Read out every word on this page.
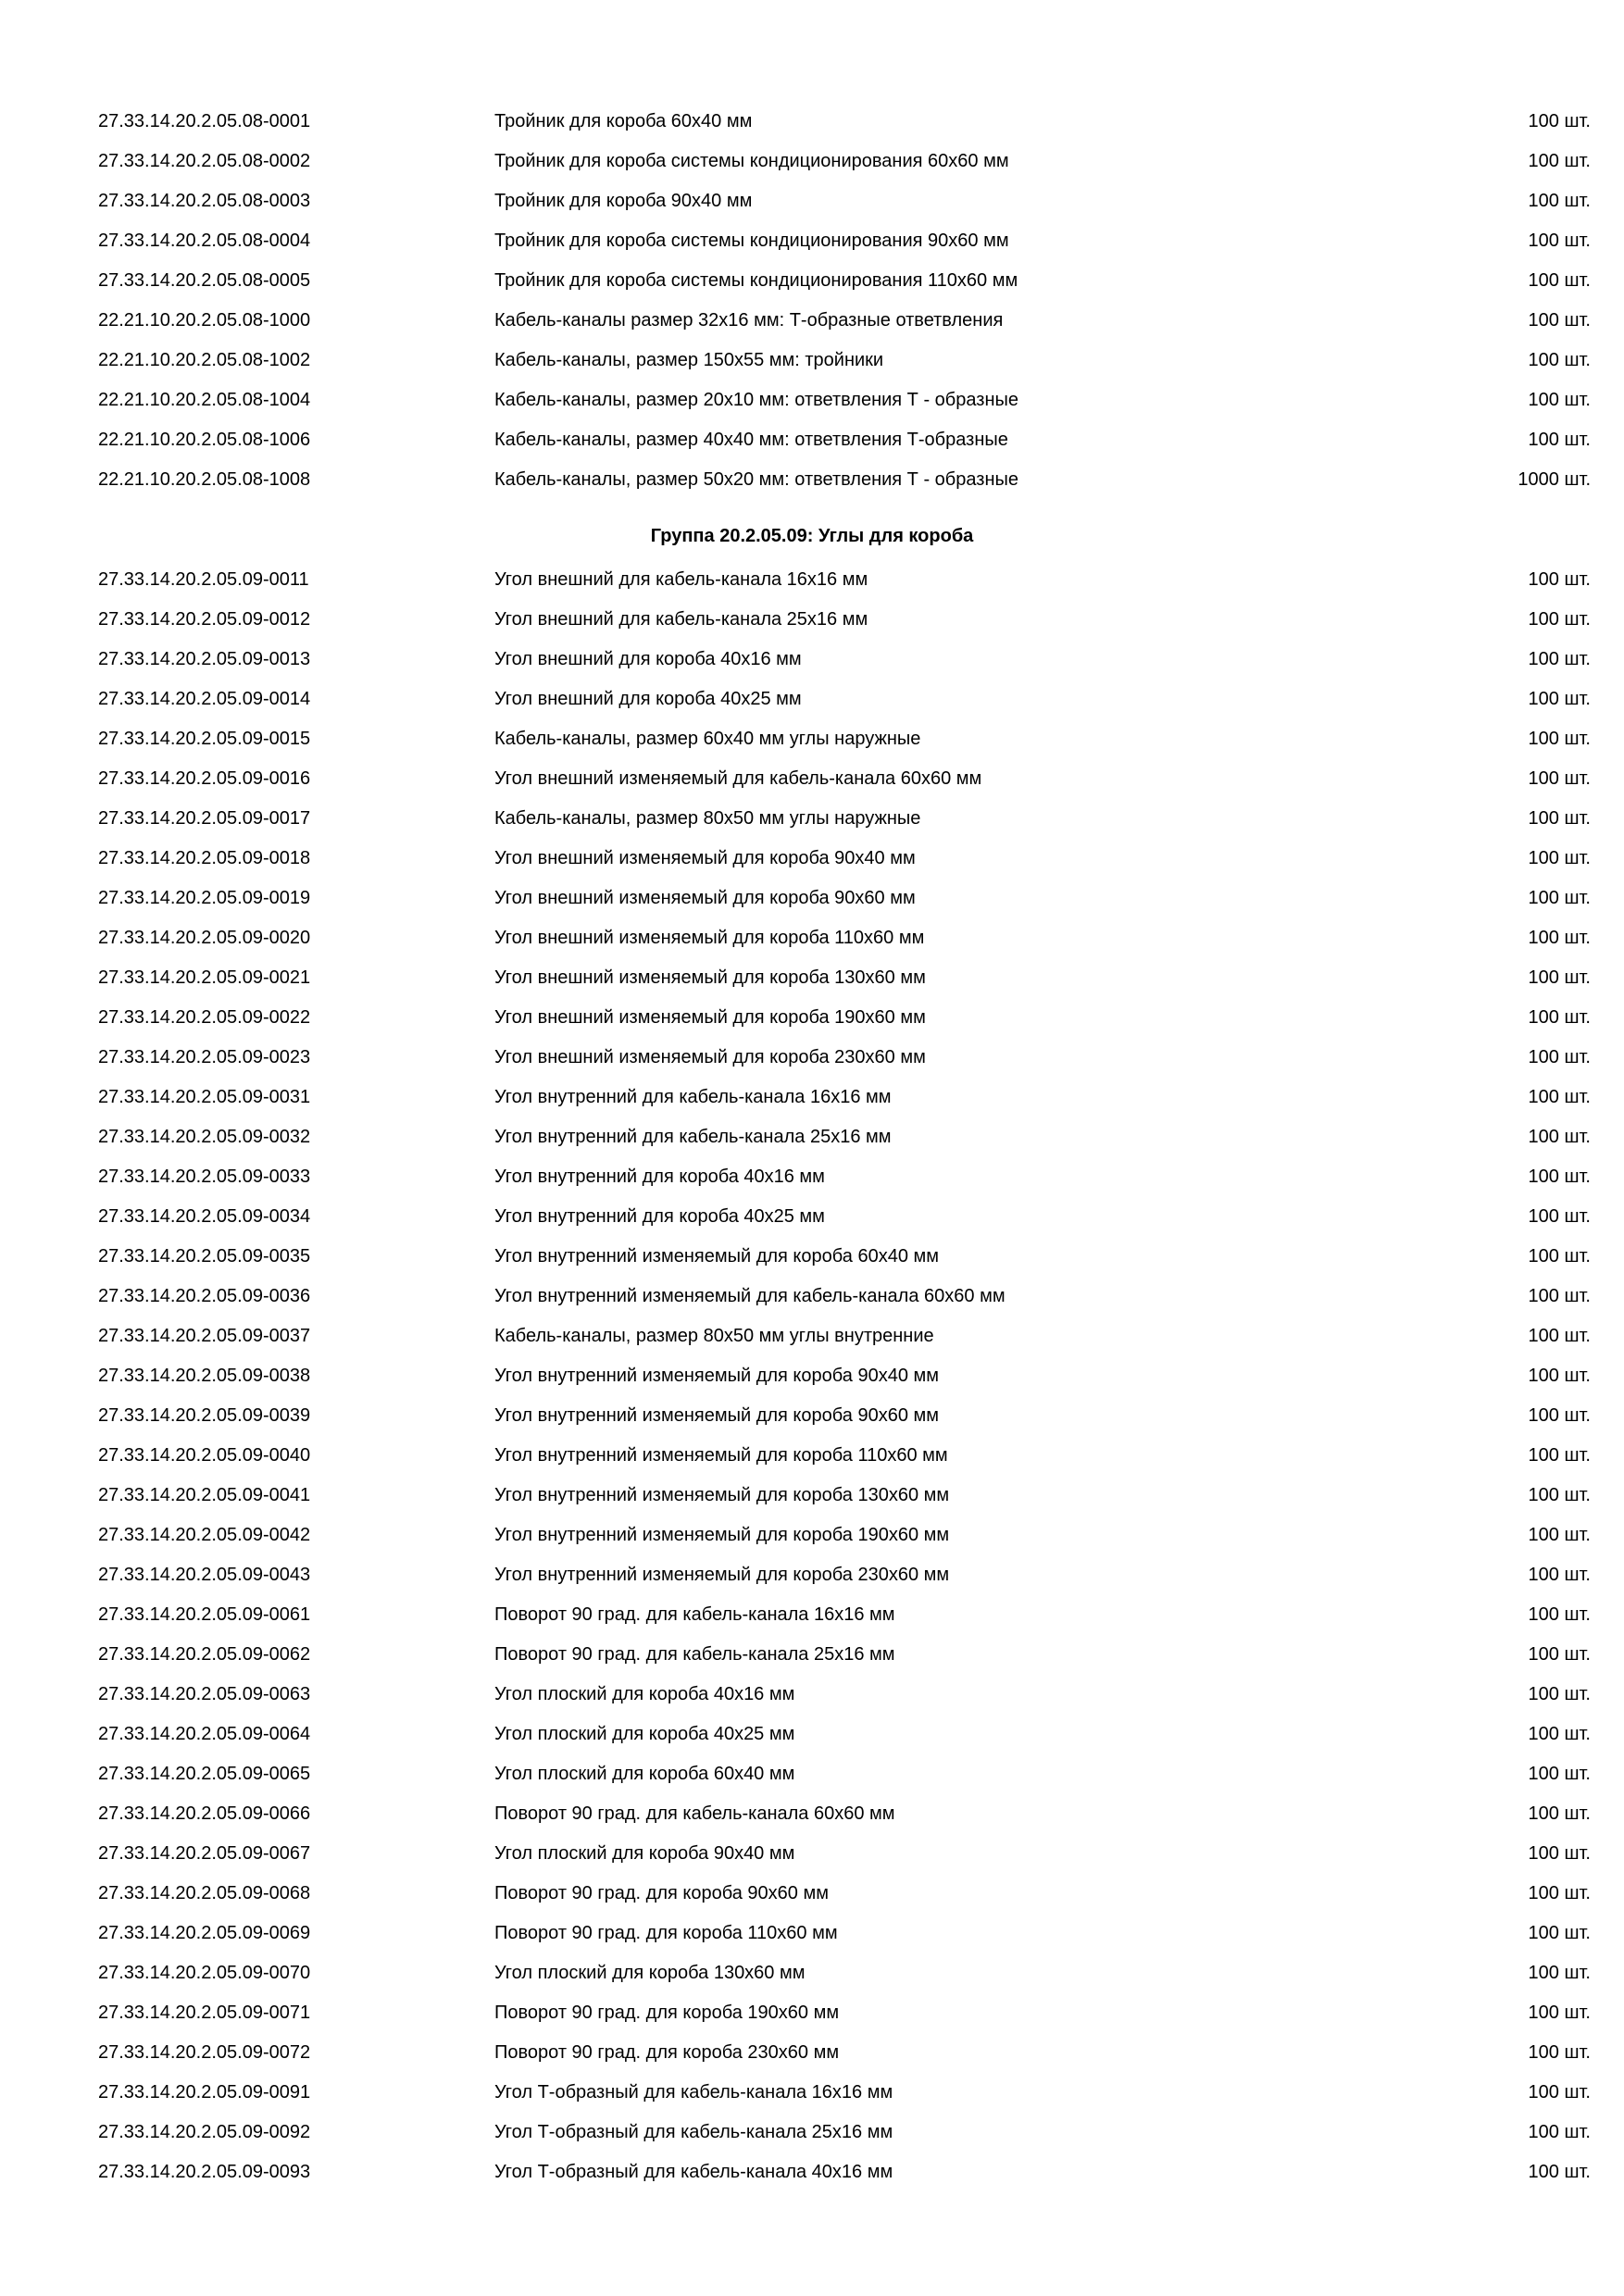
27.33.14.20.2.05.08-0001	Тройник для короба 60х40 мм	100 шт.
27.33.14.20.2.05.08-0002	Тройник для короба системы кондиционирования 60х60 мм	100 шт.
27.33.14.20.2.05.08-0003	Тройник для короба 90х40 мм	100 шт.
27.33.14.20.2.05.08-0004	Тройник для короба системы кондиционирования 90х60 мм	100 шт.
27.33.14.20.2.05.08-0005	Тройник для короба системы кондиционирования 110х60 мм	100 шт.
22.21.10.20.2.05.08-1000	Кабель-каналы размер 32х16 мм: Т-образные ответвления	100 шт.
22.21.10.20.2.05.08-1002	Кабель-каналы, размер 150х55 мм: тройники	100 шт.
22.21.10.20.2.05.08-1004	Кабель-каналы, размер 20х10 мм: ответвления Т - образные	100 шт.
22.21.10.20.2.05.08-1006	Кабель-каналы, размер 40х40 мм: ответвления Т-образные	100 шт.
22.21.10.20.2.05.08-1008	Кабель-каналы, размер 50х20 мм: ответвления Т - образные	1000 шт.
Группа 20.2.05.09: Углы для короба
27.33.14.20.2.05.09-0011	Угол внешний для кабель-канала 16х16 мм	100 шт.
27.33.14.20.2.05.09-0012	Угол внешний для кабель-канала 25х16 мм	100 шт.
27.33.14.20.2.05.09-0013	Угол внешний для короба 40х16 мм	100 шт.
27.33.14.20.2.05.09-0014	Угол внешний для короба 40х25 мм	100 шт.
27.33.14.20.2.05.09-0015	Кабель-каналы, размер 60х40 мм углы наружные	100 шт.
27.33.14.20.2.05.09-0016	Угол внешний изменяемый для кабель-канала 60х60 мм	100 шт.
27.33.14.20.2.05.09-0017	Кабель-каналы, размер 80х50 мм углы наружные	100 шт.
27.33.14.20.2.05.09-0018	Угол внешний изменяемый для короба 90х40 мм	100 шт.
27.33.14.20.2.05.09-0019	Угол внешний изменяемый для короба 90х60 мм	100 шт.
27.33.14.20.2.05.09-0020	Угол внешний изменяемый для короба 110х60 мм	100 шт.
27.33.14.20.2.05.09-0021	Угол внешний изменяемый для короба 130х60 мм	100 шт.
27.33.14.20.2.05.09-0022	Угол внешний изменяемый для короба 190х60 мм	100 шт.
27.33.14.20.2.05.09-0023	Угол внешний изменяемый для короба 230х60 мм	100 шт.
27.33.14.20.2.05.09-0031	Угол внутренний для кабель-канала 16х16 мм	100 шт.
27.33.14.20.2.05.09-0032	Угол внутренний для кабель-канала 25х16 мм	100 шт.
27.33.14.20.2.05.09-0033	Угол внутренний для короба 40х16 мм	100 шт.
27.33.14.20.2.05.09-0034	Угол внутренний для короба 40х25 мм	100 шт.
27.33.14.20.2.05.09-0035	Угол внутренний изменяемый для короба 60х40 мм	100 шт.
27.33.14.20.2.05.09-0036	Угол внутренний изменяемый для кабель-канала 60х60 мм	100 шт.
27.33.14.20.2.05.09-0037	Кабель-каналы, размер 80х50 мм углы внутренние	100 шт.
27.33.14.20.2.05.09-0038	Угол внутренний изменяемый для короба 90х40 мм	100 шт.
27.33.14.20.2.05.09-0039	Угол внутренний изменяемый для короба 90х60 мм	100 шт.
27.33.14.20.2.05.09-0040	Угол внутренний изменяемый для короба 110х60 мм	100 шт.
27.33.14.20.2.05.09-0041	Угол внутренний изменяемый для короба 130х60 мм	100 шт.
27.33.14.20.2.05.09-0042	Угол внутренний изменяемый для короба 190х60 мм	100 шт.
27.33.14.20.2.05.09-0043	Угол внутренний изменяемый для короба 230х60 мм	100 шт.
27.33.14.20.2.05.09-0061	Поворот 90 град. для кабель-канала 16х16 мм	100 шт.
27.33.14.20.2.05.09-0062	Поворот 90 град. для кабель-канала 25х16 мм	100 шт.
27.33.14.20.2.05.09-0063	Угол плоский для короба 40х16 мм	100 шт.
27.33.14.20.2.05.09-0064	Угол плоский для короба 40х25 мм	100 шт.
27.33.14.20.2.05.09-0065	Угол плоский для короба 60х40 мм	100 шт.
27.33.14.20.2.05.09-0066	Поворот 90 град. для кабель-канала 60х60 мм	100 шт.
27.33.14.20.2.05.09-0067	Угол плоский для короба 90х40 мм	100 шт.
27.33.14.20.2.05.09-0068	Поворот 90 град. для короба 90х60 мм	100 шт.
27.33.14.20.2.05.09-0069	Поворот 90 град. для короба 110х60 мм	100 шт.
27.33.14.20.2.05.09-0070	Угол плоский для короба 130х60 мм	100 шт.
27.33.14.20.2.05.09-0071	Поворот 90 град. для короба 190х60 мм	100 шт.
27.33.14.20.2.05.09-0072	Поворот 90 град. для короба 230х60 мм	100 шт.
27.33.14.20.2.05.09-0091	Угол Т-образный для кабель-канала 16х16 мм	100 шт.
27.33.14.20.2.05.09-0092	Угол Т-образный для кабель-канала 25х16 мм	100 шт.
27.33.14.20.2.05.09-0093	Угол Т-образный для кабель-канала 40х16 мм	100 шт.
